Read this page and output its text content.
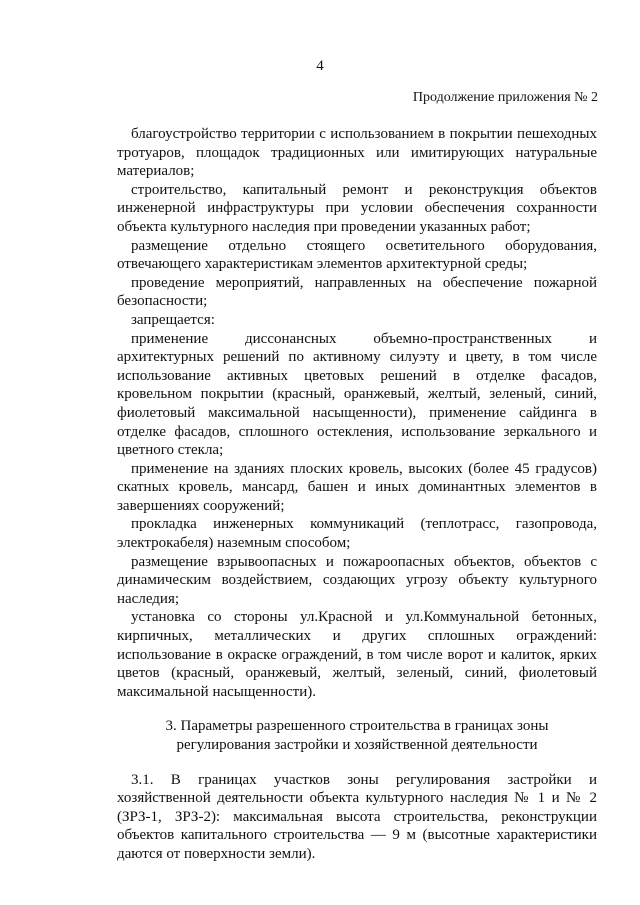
4
Продолжение приложения № 2

благоустройство территории с использованием в покрытии пешеходных тротуаров, площадок традиционных или имитирующих натуральные материалов;

строительство, капитальный ремонт и реконструкция объектов инженерной инфраструктуры при условии обеспечения сохранности объекта культурного наследия при проведении указанных работ;

размещение отдельно стоящего осветительного оборудования, отвечающего характеристикам элементов архитектурной среды;

проведение мероприятий, направленных на обеспечение пожарной безопасности;

запрещается:

применение диссонансных объемно-пространственных и архитектурных решений по активному силуэту и цвету, в том числе использование активных цветовых решений в отделке фасадов, кровельном покрытии (красный, оранжевый, желтый, зеленый, синий, фиолетовый максимальной насыщенности), применение сайдинга в отделке фасадов, сплошного остекления, использование зеркального и цветного стекла;

применение на зданиях плоских кровель, высоких (более 45 градусов) скатных кровель, мансард, башен и иных доминантных элементов в завершениях сооружений;

прокладка инженерных коммуникаций (теплотрасс, газопровода, электрокабеля) наземным способом;

размещение взрывоопасных и пожароопасных объектов, объектов с динамическим воздействием, создающих угрозу объекту культурного наследия;

установка со стороны ул.Красной и ул.Коммунальной бетонных, кирпичных, металлических и других сплошных ограждений: использование в окраске ограждений, в том числе ворот и калиток, ярких цветов (красный, оранжевый, желтый, зеленый, синий, фиолетовый максимальной насыщенности).

3. Параметры разрешенного строительства в границах зоны
регулирования застройки и хозяйственной деятельности

3.1. В границах участков зоны регулирования застройки и хозяйственной деятельности объекта культурного наследия № 1 и № 2 (ЗРЗ-1, ЗРЗ-2): максимальная высота строительства, реконструкции объектов капитального строительства — 9 м (высотные характеристики даются от поверхности земли).
